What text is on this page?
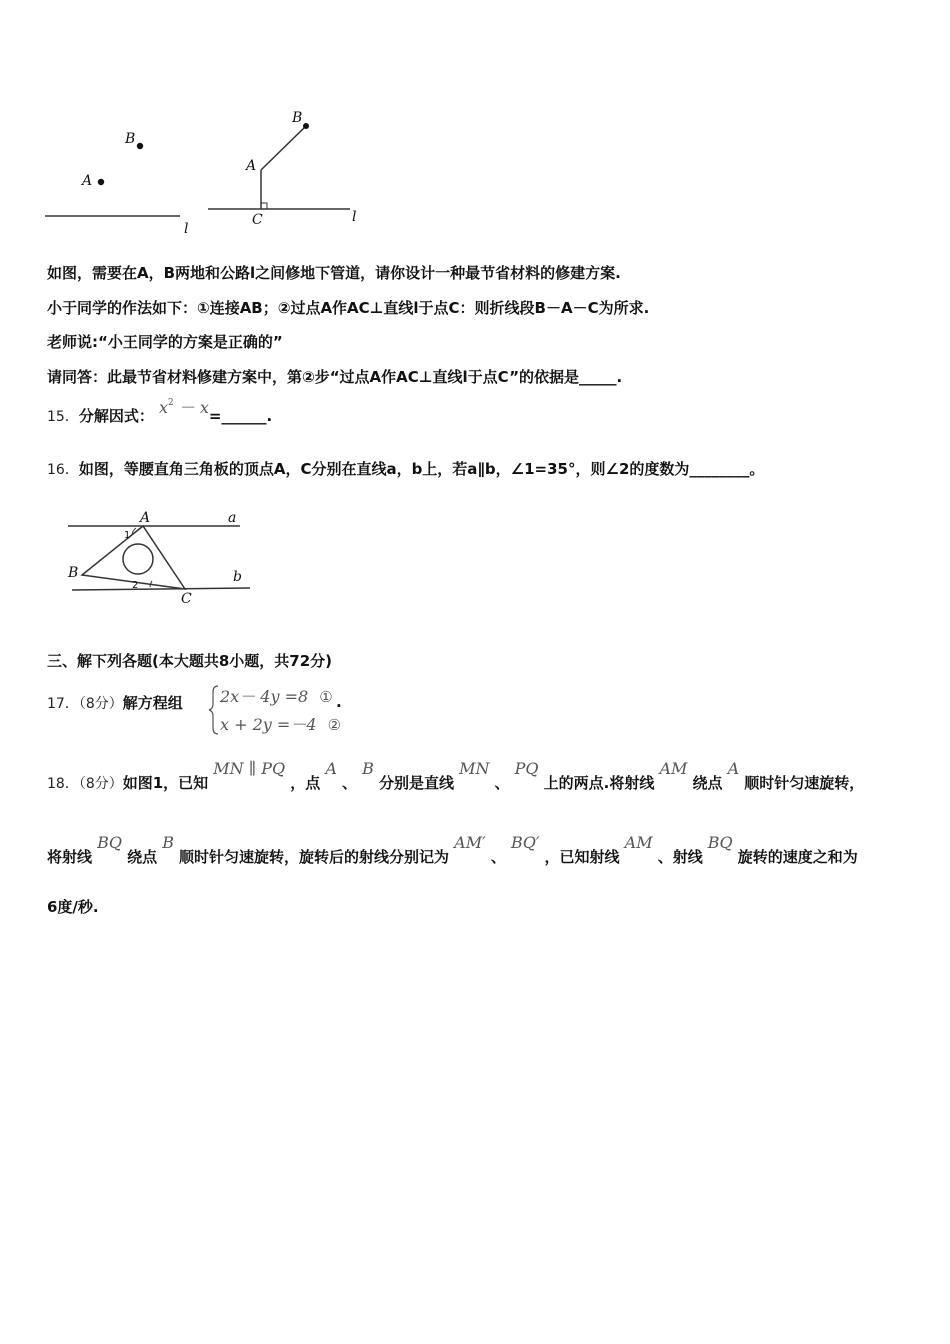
B
A
l
B
A
C	l
如图，需要在A，B两地和公路l之间修地下管道，请你设计一种最节省材料的修建方案.
小于同学的作法如下：①连接AB；②过点A作AC⊥直线l于点C：则折线段B－A－C为所求.
老师说:“小王同学的方案是正确的”
请同答：此最节省材料修建方案中，第②步“过点A作AC⊥直线l于点C”的依据是_____.
15．分解因式： $x^2$ － x=______.
16．如图，等腰直角三角板的顶点A，C分别在直线a，b上，若a∥b，∠1=35°，则∠2的度数为________。
A	a
B	b
C
1
2
三、解下列各题(本大题共8小题，共72分)
17．（8分）解方程组 2x－ 4y =8 ①
x + 2y =－4 ②
.
18．（8分）如图1，已知 MN ∥ PQ ，点 A 、 B 分别是直线 MN 、 PQ 上的两点.将射线 AM 绕点 A 顺时针匀速旋转，
将射线 BQ 绕点 B 顺时针匀速旋转，旋转后的射线分别记为 AM′ 、 BQ′ ，已知射线 AM 、射线 BQ 旋转的速度之和为
6度/秒.
